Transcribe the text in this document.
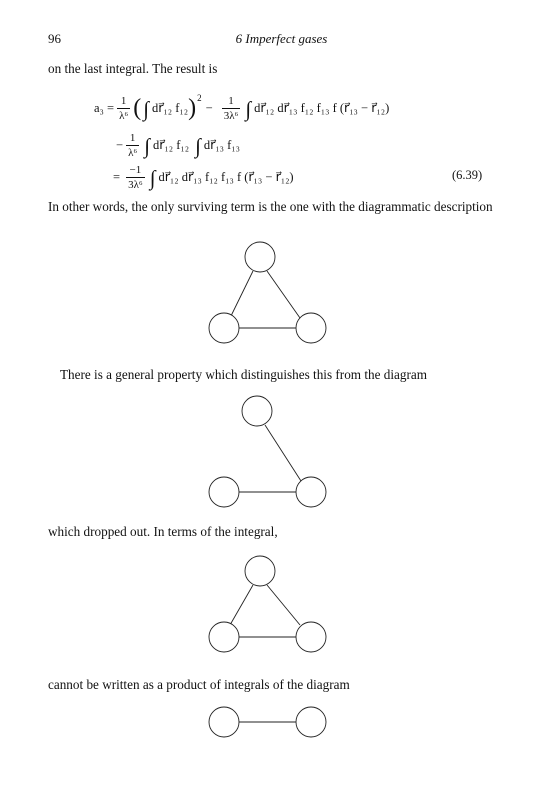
96	6 Imperfect gases
on the last integral. The result is
$a_3 = \frac{1}{\text{λ⁶}}$ ( ∫ dr⃗₁₂ f₁₂ ) 2
− $\frac{1}{\text{3λ⁶}}$ ∫ dr⃗₁₂ dr⃗₁₃ f₁₂ f₁₃ f (r⃗₁₃ − r⃗₁₂)
− $\frac{1}{\text{λ⁶}}$ ∫ dr⃗₁₂ f₁₂ ∫ dr⃗₁₃ f₁₃
= $\frac{-1}{\text{3λ⁶}}$ ∫ dr⃗₁₂ dr⃗₁₃ f₁₂ f₁₃ f (r⃗₁₃ − r⃗₁₂)	(6.39)
In other words, the only surviving term is the one with the diagrammatic description
There is a general property which distinguishes this from the diagram
which dropped out. In terms of the integral,
cannot be written as a product of integrals of the diagram
